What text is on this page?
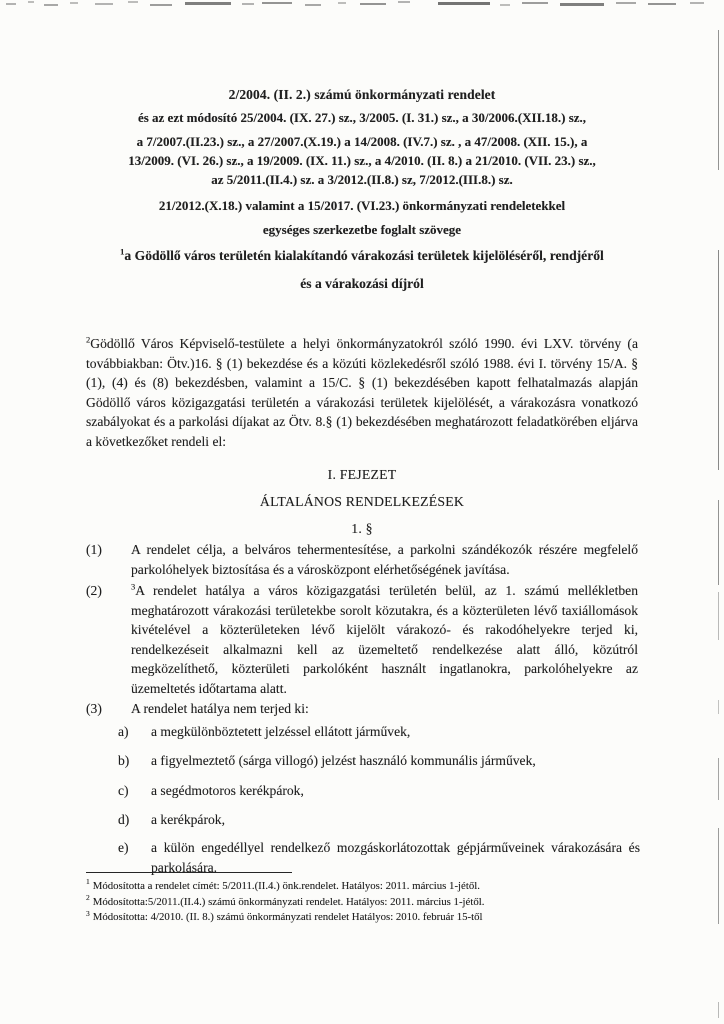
2/2004. (II. 2.) számú önkormányzati rendelet

és az ezt módosító 25/2004. (IX. 27.) sz., 3/2005. (I. 31.) sz., a 30/2006.(XII.18.) sz.,

a 7/2007.(II.23.) sz., a 27/2007.(X.19.) a 14/2008. (IV.7.) sz. , a 47/2008. (XII. 15.), a
13/2009. (VI. 26.) sz., a 19/2009. (IX. 11.) sz., a 4/2010. (II. 8.) a 21/2010. (VII. 23.) sz.,
az 5/2011.(II.4.) sz. a 3/2012.(II.8.) sz, 7/2012.(III.8.) sz.

21/2012.(X.18.) valamint a 15/2017. (VI.23.) önkormányzati rendeletekkel

egységes szerkezetbe foglalt szövege

$^1$a Gödöllő város területén kialakítandó várakozási területek kijelöléséről, rendjéről
és a várakozási díjról

$^2$Gödöllő Város Képviselő-testülete a helyi önkormányzatokról szóló 1990. évi LXV. törvény (a továbbiakban: Ötv.)16. § (1) bekezdése és a közúti közlekedésről szóló 1988. évi I. törvény 15/A. § (1), (4) és (8) bekezdésben, valamint a 15/C. § (1) bekezdésében kapott felhatalmazás alapján Gödöllő város közigazgatási területén a várakozási területek kijelölését, a várakozásra vonatkozó szabályokat és a parkolási díjakat az Ötv. 8.§ (1) bekezdésében meghatározott feladatkörében eljárva a következőket rendeli el:

I. FEJEZET

ÁLTALÁNOS RENDELKEZÉSEK

1. §

(1)	A rendelet célja, a belváros tehermentesítése, a parkolni szándékozók részére megfelelő parkolóhelyek biztosítása és a városközpont elérhetőségének javítása.
(2)	$^3$A rendelet hatálya a város közigazgatási területén belül, az 1. számú mellékletben meghatározott várakozási területekbe sorolt közutakra, és a közterületen lévő taxiállomások kivételével a közterületeken lévő kijelölt várakozó- és rakodóhelyekre terjed ki, rendelkezéseit alkalmazni kell az üzemeltető rendelkezése alatt álló, közútról megközelíthető, közterületi parkolóként használt ingatlanokra, parkolóhelyekre az üzemeltetés időtartama alatt.
(3)	A rendelet hatálya nem terjed ki:
a)	a megkülönböztetett jelzéssel ellátott járművek,
b)	a figyelmeztető (sárga villogó) jelzést használó kommunális járművek,
c)	a segédmotoros kerékpárok,
d)	a kerékpárok,
e)	a külön engedéllyel rendelkező mozgáskorlátozottak gépjárműveinek várakozására és parkolására.
$^1$ Módosította a rendelet címét: 5/2011.(II.4.) önk.rendelet. Hatályos: 2011. március 1-jétől.
$^2$ Módosította:5/2011.(II.4.) számú önkormányzati rendelet. Hatályos: 2011. március 1-jétől.
$^3$ Módosította: 4/2010. (II. 8.) számú önkormányzati rendelet Hatályos: 2010. február 15-től
